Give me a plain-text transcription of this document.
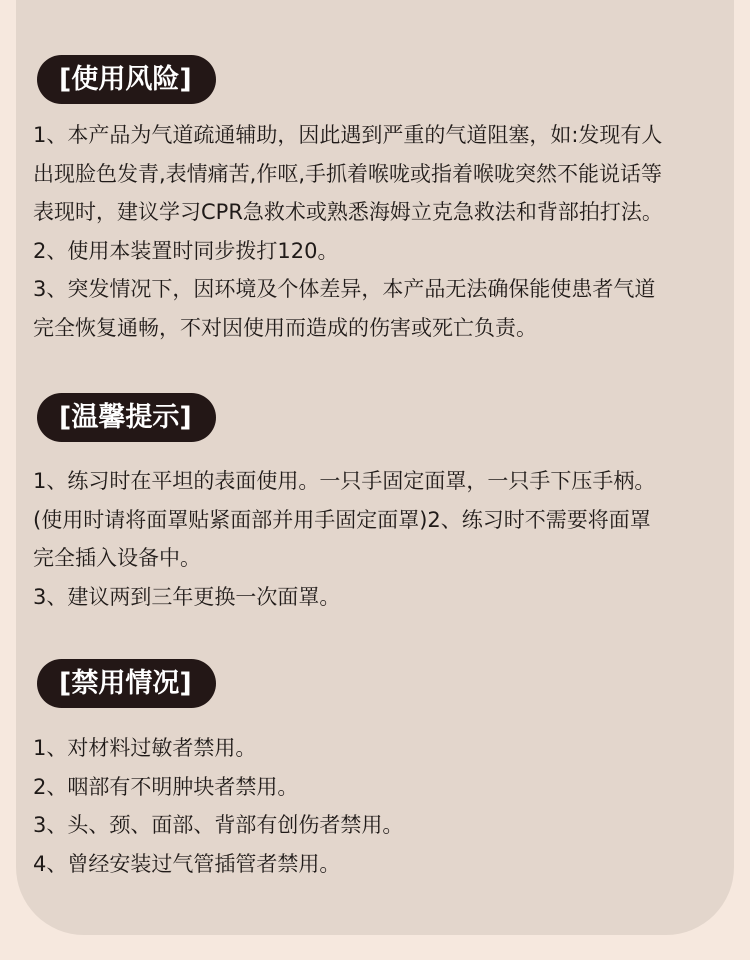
[使用风险]

1、本产品为气道疏通辅助，因此遇到严重的气道阻塞，如:发现有人

出现脸色发青,表情痛苦,作呕,手抓着喉咙或指着喉咙突然不能说话等

表现时，建议学习CPR急救术或熟悉海姆立克急救法和背部拍打法。

2、使用本装置时同步拨打120。

3、突发情况下，因环境及个体差异，本产品无法确保能使患者气道

完全恢复通畅，不对因使用而造成的伤害或死亡负责。

[温馨提示]

1、练习时在平坦的表面使用。一只手固定面罩，一只手下压手柄。

(使用时请将面罩贴紧面部并用手固定面罩)2、练习时不需要将面罩

完全插入设备中。

3、建议两到三年更换一次面罩。

[禁用情况]

1、对材料过敏者禁用。

2、咽部有不明肿块者禁用。

3、头、颈、面部、背部有创伤者禁用。

4、曾经安装过气管插管者禁用。
